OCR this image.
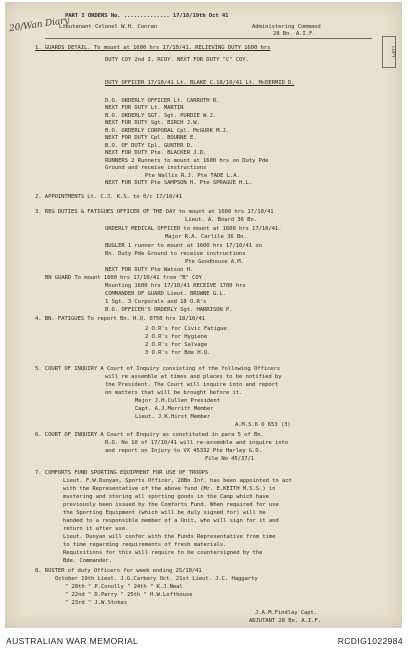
20/Wan Diary
COPY
PART I ORDERS No. .............. 17/18/19th Oct 41
Lieutenant Colonel W.H. Conran	Administering Command
28 Bn. A.I.F.
1. GUARDS DETAIL. To mount at 1600 hrs 17/10/41. RELIEVING DUTY 1600 hrs
DUTY COY 2nd I. RCOY. NEXT FOR DUTY "C" COY.
DUTY OFFICER 17/10/41 Lt. BLAKE C.18/10/41 Lt. McDERMID D.
D.O. ORDERLY OFFICER Lt. CARRUTH R.
NEXT FOR DUTY Lt. MARTIN
B.O. ORDERLY SGT. Sgt. PURDIE W.J.
NEXT FOR DUTY Sgt. BIRCH J.W.
B.O. ORDERLY CORPORAL Cpl. McGURK M.J.
NEXT FOR DUTY Cpl. BOURNE E.
B.O. OF DUTY Cpl. GUNTER D.
NEXT FOR DUTY Pte. BLACKER J.D.
RUNNERS 2 Runners to mount at 1600 hrs on Duty Pde
Ground and receive instructions
Pte Wallis R.J. Pte TADE L.A.
NEXT FOR DUTY Pte SAMPSON H. Pte SPRAGUE H.L.
2. APPOINTMENTS Lt. C.J. K.S. to 0/c 17/10/41
3. REG DUTIES & FATIGUES OFFICER OF THE DAY to mount at 1600 hrs 17/10/41
Lieut. A. Board 36 Bn.
ORDERLY MEDICAL OFFICER to mount at 1600 hrs 17/10/41.
Major R.A. Carlile 36 Bn.
BUGLER 1 runner to mount at 1600 hrs 17/10/41 on
Bn. Duty Pde Ground to receive instructions
Pte Goodhouse A.M.
NEXT FOR DUTY Pte Watson H.
BN GUARD To mount 1600 hrs 17/10/41 from "B" COY
Mounting 1600 hrs 17/10/41 RECEIVE 1700 hrs
COMMANDER OF GUARD Lieut. BROWNE G.L.
1 Sgt. 3 Corporals and 18 O.R's
B.O. OFFICER'S ORDERLY Sgt. HARRISON P.
4. BN. FATIGUES To report Bn. H.Q. 0750 hrs 18/10/41
2 O.R's for Civic Fatigue
2 O.R's for Hygiene
2 O.R's for Salvage
3 O.R's for Bde H.Q.
5. COURT OF INQUIRY A Court of Inquiry consisting of the following Officers
will re assemble at times and places to be notified by
the President. The Court will inquire into and report
on matters that will be brought before it.
Major J.H.Cullen President
Capt. A.J.Merritt Member
Lieut. J.K.Hirst Member
A.M.S.6 O 653 (3)
6. COURT OF INQUIRY A Court of Enquiry as constituted in para 5 of Bn.
R.O. No 10 of 17/10/41 will re-assemble and inquire into
and report on Injury to VX 45332 Pte Harley G.D.
File No 45/37/1
7. COMFORTS FUND SPORTING EQUIPMENT FOR USE OF TROOPS
Lieut. F.W.Dunyan, Sports Officer, 28Bn Inf. has been appointed to act
with the Representative of the above fund (Mr. E.KEITH M.S.S.) in
mustering and storing all sporting goods in the Camp which have
previously been issued by the Comforts Fund. When required for use
the Sporting Equipment (which will be duly signed for) will be
handed to a responsible member of a Unit, who will sign for it and
return it after use.
Lieut. Dunyan will confer with the Funds Representative from time
to time regarding requirements of fresh materials.
Requisitions for this will require to be countersigned by the
Bde. Commander.
8. ROSTER of duty Officers for week ending 25/10/41
October 19th Lieut. J.G.Carbery Oct. 21st Lieut. J.C. Haggarty
" 20th " P.Conolly " 24th " K.J.Neal
" 22nd " D.Perry " 25th " H.W.Lofthouse
" 23rd " J.W.Stokes
J.A.M.Findlay Capt.
ADJUTANT 28 Bn. A.I.F.
AUSTRALIAN WAR MEMORIAL	RCDIG1022984
